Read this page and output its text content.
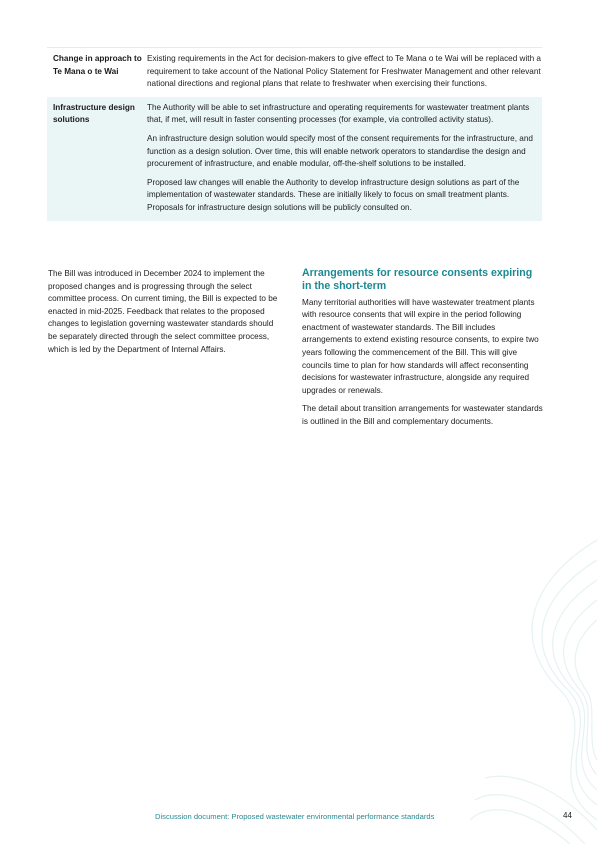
Change in approach to Te Mana o te Wai

Existing requirements in the Act for decision-makers to give effect to Te Mana o te Wai will be replaced with a requirement to take account of the National Policy Statement for Freshwater Management and other relevant national directions and regional plans that relate to freshwater when exercising their functions.

Infrastructure design solutions

The Authority will be able to set infrastructure and operating requirements for wastewater treatment plants that, if met, will result in faster consenting processes (for example, via controlled activity status).

An infrastructure design solution would specify most of the consent requirements for the infrastructure, and function as a design solution. Over time, this will enable network operators to standardise the design and procurement of infrastructure, and enable modular, off-the-shelf solutions to be installed.

Proposed law changes will enable the Authority to develop infrastructure design solutions as part of the implementation of wastewater standards. These are initially likely to focus on small treatment plants. Proposals for infrastructure design solutions will be publicly consulted on.

The Bill was introduced in December 2024 to implement the proposed changes and is progressing through the select committee process. On current timing, the Bill is expected to be enacted in mid-2025. Feedback that relates to the proposed changes to legislation governing wastewater standards should be separately directed through the select committee process, which is led by the Department of Internal Affairs.

Arrangements for resource consents expiring in the short-term

Many territorial authorities will have wastewater treatment plants with resource consents that will expire in the period following enactment of wastewater standards. The Bill includes arrangements to extend existing resource consents, to expire two years following the commencement of the Bill. This will give councils time to plan for how standards will affect reconsenting decisions for wastewater infrastructure, alongside any required upgrades or renewals.

The detail about transition arrangements for wastewater standards is outlined in the Bill and complementary documents.

Discussion document: Proposed wastewater environmental performance standards	44
